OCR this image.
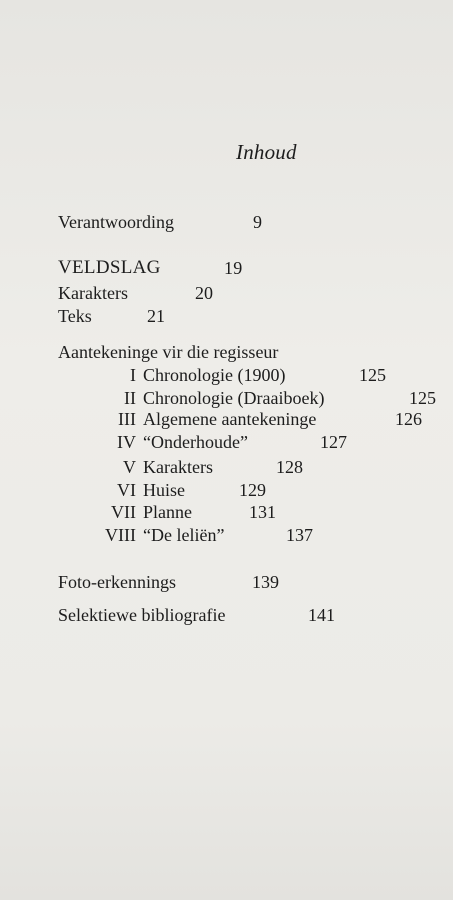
Inhoud
Verantwoording	9
VELDSLAG	19
Karakters	20
Teks	21
Aantekeninge vir die regisseur
I Chronologie (1900)	125
II Chronologie (Draaiboek)	125
III Algemene aantekeninge	126
IV “Onderhoude”	127
V Karakters	128
VI Huise	129
VII Planne	131
VIII “De leliën”	137
Foto-erkennings	139
Selektiewe bibliografie	141
